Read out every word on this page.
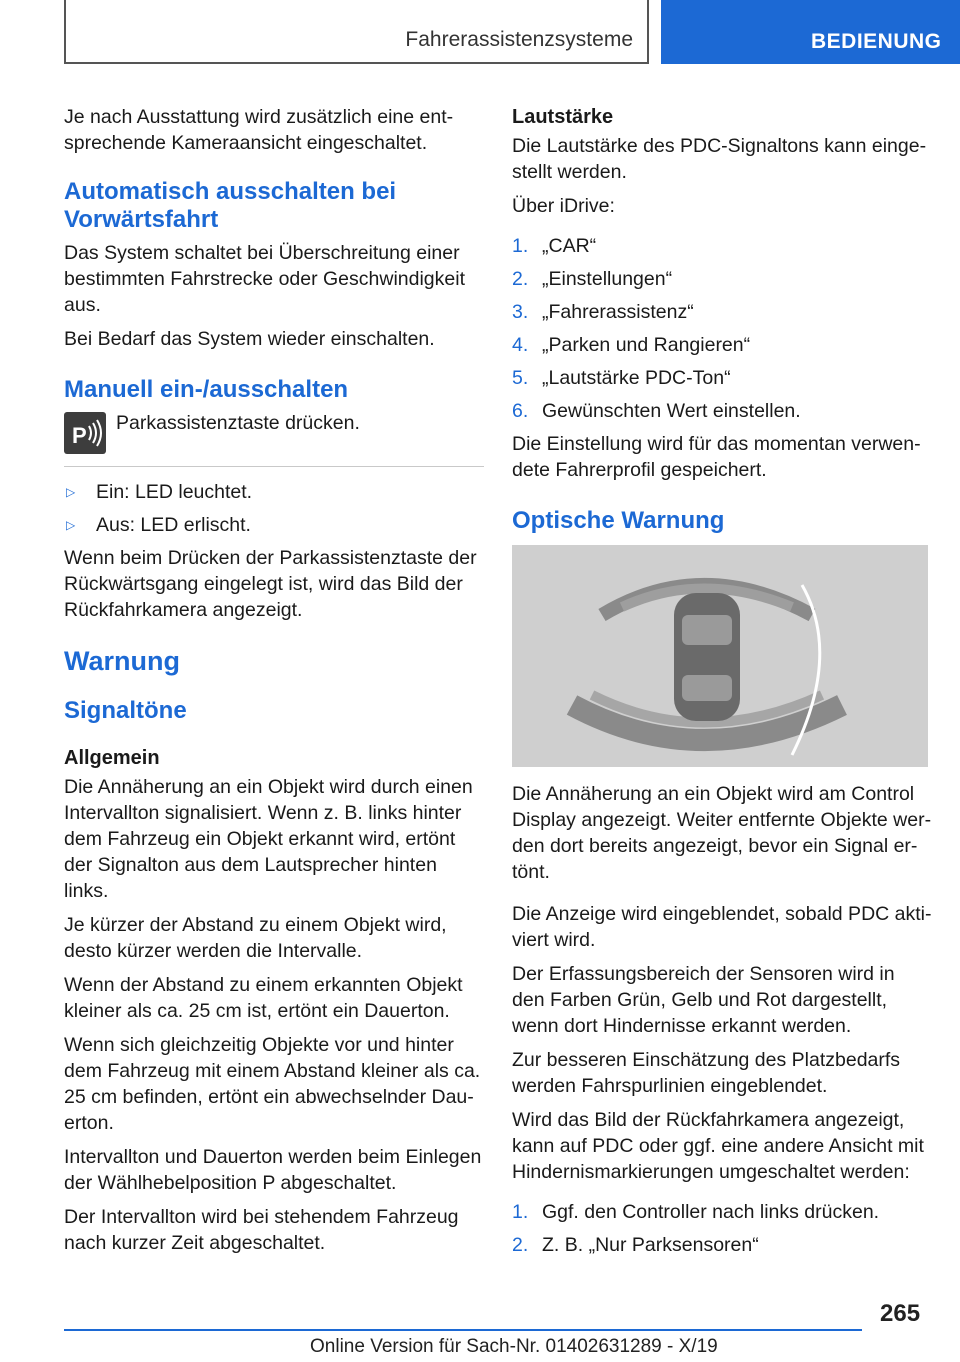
Fahrerassistenzsysteme	BEDIENUNG

Je nach Ausstattung wird zusätzlich eine entsprechende Kameraansicht eingeschaltet.

Automatisch ausschalten bei Vorwärtsfahrt

Das System schaltet bei Überschreitung einer bestimmten Fahrstrecke oder Geschwindigkeit aus.

Bei Bedarf das System wieder einschalten.

Manuell ein-/ausschalten
P Parkassistenztaste drücken.
▷	Ein: LED leuchtet.
▷	Aus: LED erlischt.

Wenn beim Drücken der Parkassistenztaste der Rückwärtsgang eingelegt ist, wird das Bild der Rückfahrkamera angezeigt.

Warnung
Signaltöne
Allgemein

Die Annäherung an ein Objekt wird durch einen Intervallton signalisiert. Wenn z. B. links hinter dem Fahrzeug ein Objekt erkannt wird, ertönt der Signalton aus dem Lautsprecher hinten links.

Je kürzer der Abstand zu einem Objekt wird, desto kürzer werden die Intervalle.

Wenn der Abstand zu einem erkannten Objekt kleiner als ca. 25 cm ist, ertönt ein Dauerton.

Wenn sich gleichzeitig Objekte vor und hinter dem Fahrzeug mit einem Abstand kleiner als ca. 25 cm befinden, ertönt ein abwechselnder Dauerton.

Intervallton und Dauerton werden beim Einlegen der Wählhebelposition P abgeschaltet.

Der Intervallton wird bei stehendem Fahrzeug nach kurzer Zeit abgeschaltet.

Lautstärke

Die Lautstärke des PDC-Signaltons kann eingestellt werden.

Über iDrive:

1. „CAR“
2. „Einstellungen“
3. „Fahrerassistenz“
4. „Parken und Rangieren“
5. „Lautstärke PDC-Ton“
6. Gewünschten Wert einstellen.

Die Einstellung wird für das momentan verwendete Fahrerprofil gespeichert.

Optische Warnung

Die Annäherung an ein Objekt wird am Control Display angezeigt. Weiter entfernte Objekte werden dort bereits angezeigt, bevor ein Signal ertönt.

Die Anzeige wird eingeblendet, sobald PDC aktiviert wird.

Der Erfassungsbereich der Sensoren wird in den Farben Grün, Gelb und Rot dargestellt, wenn dort Hindernisse erkannt werden.

Zur besseren Einschätzung des Platzbedarfs werden Fahrspurlinien eingeblendet.

Wird das Bild der Rückfahrkamera angezeigt, kann auf PDC oder ggf. eine andere Ansicht mit Hindernismarkierungen umgeschaltet werden:

1. Ggf. den Controller nach links drücken.
2. Z. B. „Nur Parksensoren“
265
Online Version für Sach-Nr. 01402631289 - X/19
